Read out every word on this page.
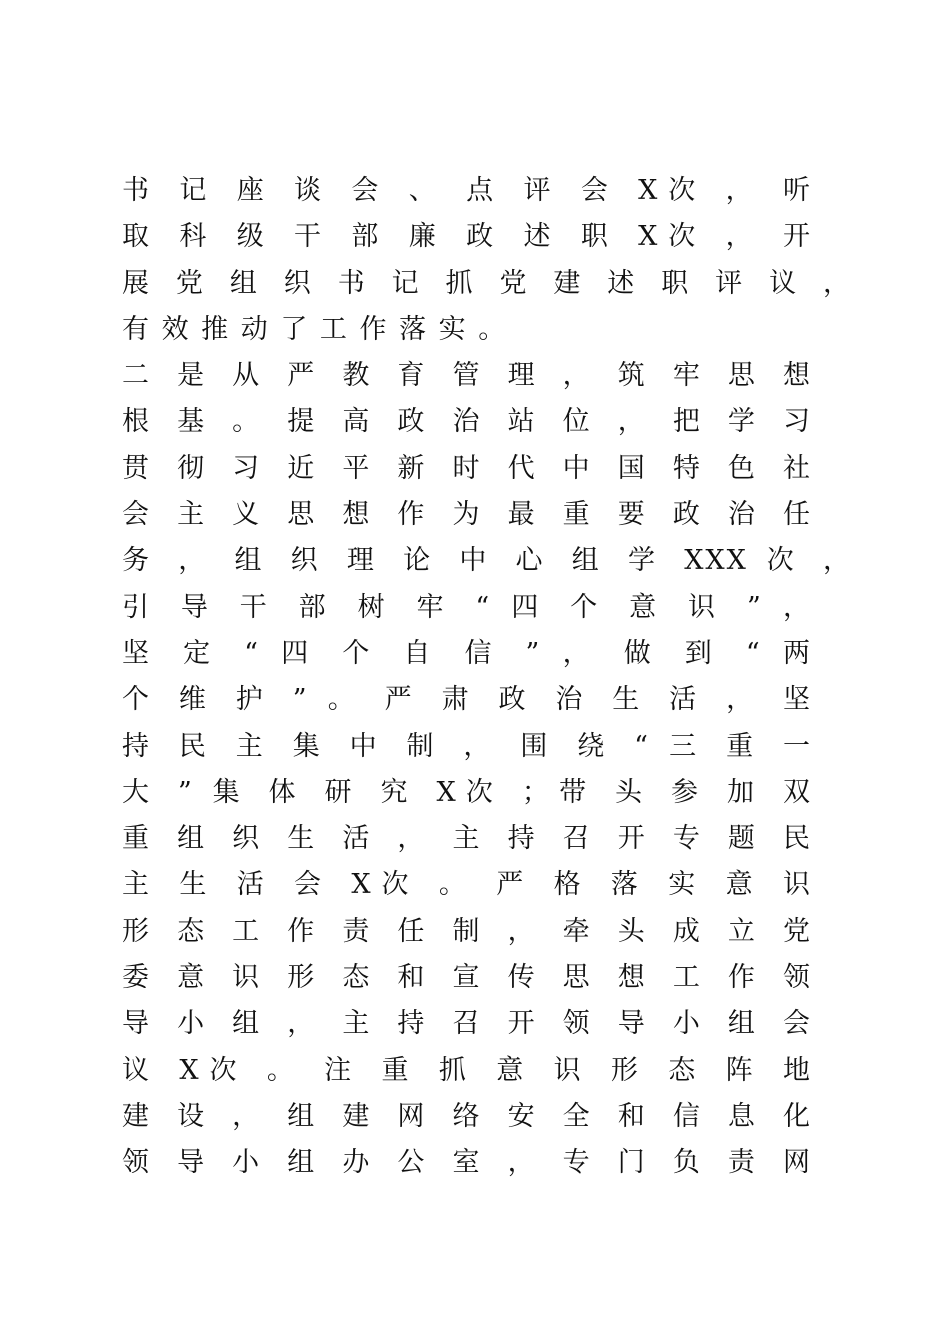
书 记 座 谈 会 、 点 评 会 X次 ， 听
取 科 级 干 部 廉 政 述 职 X次 ， 开
展 党 组 织 书 记 抓 党 建 述 职 评 议 ，
有 效 推 动 了 工 作 落 实 。
二 是 从 严 教 育 管 理 ， 筑 牢 思 想
根 基 。 提 高 政 治 站 位 ， 把 学 习
贯 彻 习 近 平 新 时 代 中 国 特 色 社
会 主 义 思 想 作 为 最 重 要 政 治 任
务 ， 组 织 理 论 中 心 组 学 XXX 次 ，
引 导 干 部 树 牢 “ 四 个 意 识 ” ，
坚 定 “ 四 个 自 信 ” ， 做 到 “ 两
个 维 护 ” 。 严 肃 政 治 生 活 ， 坚
持 民 主 集 中 制 ， 围 绕 “ 三 重 一
大 ” 集 体 研 究 X次 ；带 头 参 加 双
重 组 织 生 活 ， 主 持 召 开 专 题 民
主 生 活 会 X次 。 严 格 落 实 意 识
形 态 工 作 责 任 制 ， 牵 头 成 立 党
委 意 识 形 态 和 宣 传 思 想 工 作 领
导 小 组 ， 主 持 召 开 领 导 小 组 会
议 X次 。 注 重 抓 意 识 形 态 阵 地
建 设 ， 组 建 网 络 安 全 和 信 息 化
领 导 小 组 办 公 室 ， 专 门 负 责 网
